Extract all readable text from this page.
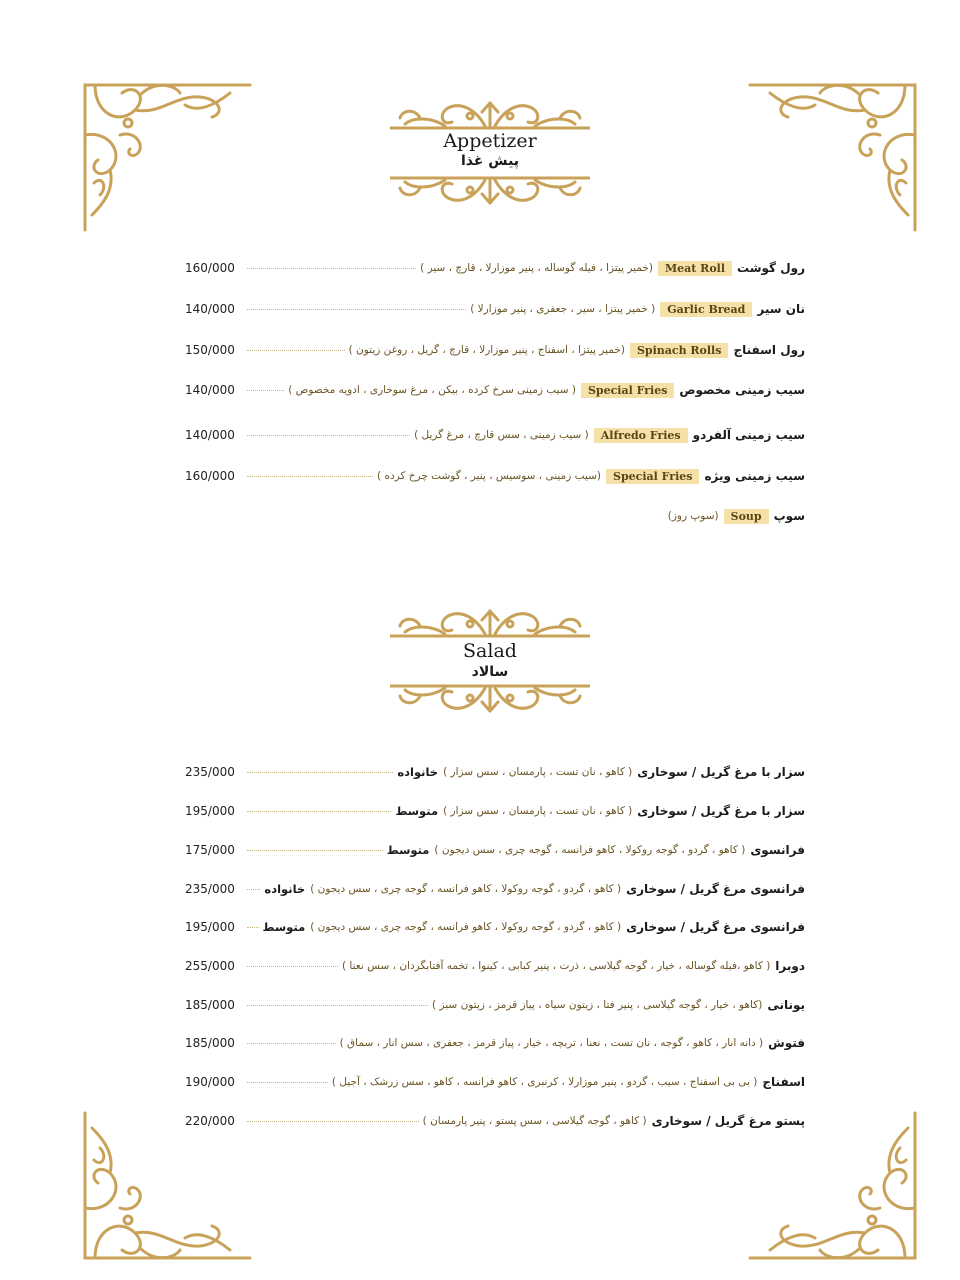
Appetizer
پیش غذا
160/000	رول گوشت
Meat Roll
(خمیر پیتزا ، فیله گوساله ، پنیر موزارلا ، قارچ ، سیر )
140/000	نان سیر
Garlic Bread
( خمیر پیتزا ، سیر ، جعفری ، پنیر موزارلا )
150/000	رول اسفناج
Spinach Rolls
(خمیر پیتزا ، اسفناج ، پنیر موزارلا ، قارچ ، گریل ، روغن زیتون )
140/000	سیب زمینی مخصوص
Special Fries
( سیب زمینی سرخ کرده ، بیکن ، مرغ سوخاری ، ادویه مخصوص )
140/000	سیب زمینی آلفردو
Alfredo Fries
( سیب زمینی ، سس قارچ ، مرغ گریل )
160/000	سیب زمینی ویژه
Special Fries
(سیب زمینی ، سوسیس ، پنیر ، گوشت چرخ کرده )
سوپ
Soup
(سوپ روز)
Salad
سالاد
235/000	سزار با مرغ گریل / سوخاری
( کاهو ، نان تست ، پارمسان ، سس سزار )
خانواده
195/000	سزار با مرغ گریل / سوخاری
( کاهو ، نان تست ، پارمسان ، سس سزار )
متوسط
175/000	فرانسوی
( کاهو ، گردو ، گوجه روکولا ، کاهو فرانسه ، گوجه چری ، سس دیجون )
متوسط
235/000	فرانسوی مرغ گریل / سوخاری
( کاهو ، گردو ، گوجه روکولا ، کاهو فرانسه ، گوجه چری ، سس دیجون )
خانواده
195/000	فرانسوی مرغ گریل / سوخاری
( کاهو ، گردو ، گوجه روکولا ، کاهو فرانسه ، گوجه چری ، سس دیجون )
متوسط
255/000	دوبرا
( کاهو ،فیله گوساله ، خیار ، گوجه گیلاسی ، ذرت ، پنیر کبابی ، کینوا ، تخمه آفتابگردان ، سس نعنا )
185/000	یونانی
(کاهو ، خیار ، گوجه گیلاسی ، پنیر فتا ، زیتون سیاه ، پیاز قرمز ، زیتون سبز )
185/000	فتوش
( دانه انار ، کاهو ، گوجه ، نان تست ، نعنا ، تربچه ، خیار ، پیاز قرمز ، جعفری ، سس انار ، سماق )
190/000	اسفناج
( بی بی اسفناج ، سیب ، گردو ، پنیر موزارلا ، کرنبری ، کاهو فرانسه ، کاهو ، سس زرشک ، آجیل )
220/000	پستو مرغ گریل / سوخاری
( کاهو ، گوجه گیلاسی ، سس پستو ، پنیر پارمسان )
